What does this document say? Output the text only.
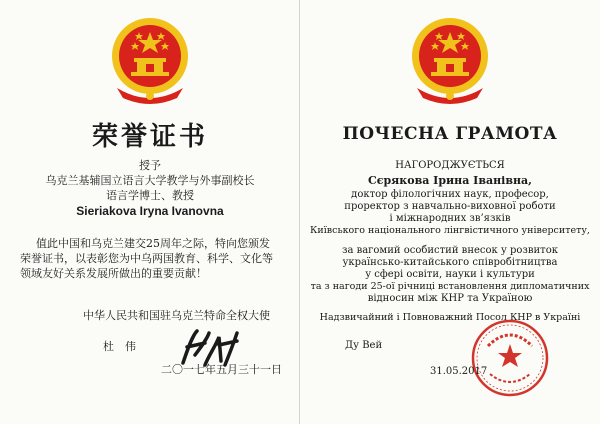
荣誉证书
授予
乌克兰基辅国立语言大学教学与外事副校长
语言学博士、教授
Sieriakova Iryna Ivanovna
值此中国和乌克兰建交25周年之际，特向您颁发
荣誉证书，以表彰您为中乌两国教育、科学、文化等
领域友好关系发展所做出的重要贡献！
中华人民共和国驻乌克兰特命全权大使
杜　伟
二〇一七年五月三十一日
ПОЧЕСНА ГРАМОТА
НАГОРОДЖУЄТЬСЯ
Сєрякова Ірина Іванівна,
доктор філологічних наук, професор,
проректор з навчально-виховної роботи
і міжнародних зв’язків
Київського національного лінгвістичного університету,
за вагомий особистий внесок у розвиток
українсько-китайського співробітництва
у сфері освіти, науки і культури
та з нагоди 25-ої річниці встановлення дипломатичних
відносин між КНР та Україною
Надзвичайний і Повноважний Посол КНР в Україні
Ду Вей
31.05.2017
